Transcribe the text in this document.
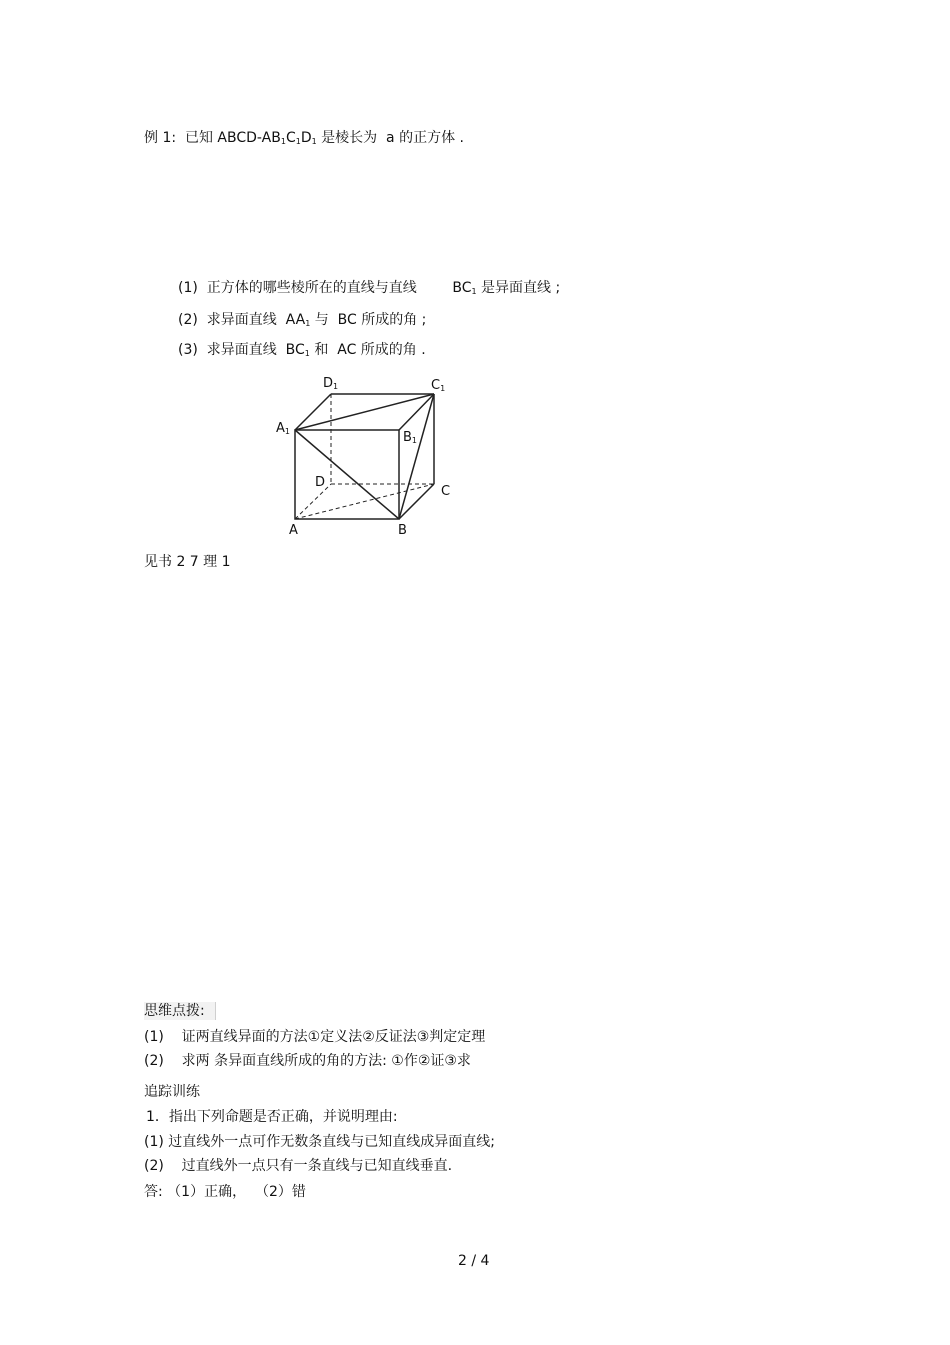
例 1: 已知 ABCD-$AB_1C_1D_1$ 是棱长为  a 的正方体 .
(1) 正方体的哪些棱所在的直线与直线	$BC_1$ 是异面直线 ;
(2) 求异面直线  $AA_1$ 与  BC 所成的角 ;
(3) 求异面直线  $BC_1$ 和  AC 所成的角 .
$D_1$	$C_1$
$A_1$	$B_1$
D
C
A	B
见书 2 7 理 1
思维点拨:
(1) 证两直线异面的方法①定义法②反证法③判定定理
(2) 求两 条异面直线所成的角的方法: ①作②证③求
追踪训练
1．指出下列命题是否正确，并说明理由:
(1) 过直线外一点可作无数条直线与已知直线成异面直线;
(2) 过直线外一点只有一条直线与已知直线垂直.
答: （1）正确，  （2）错
2 / 4
